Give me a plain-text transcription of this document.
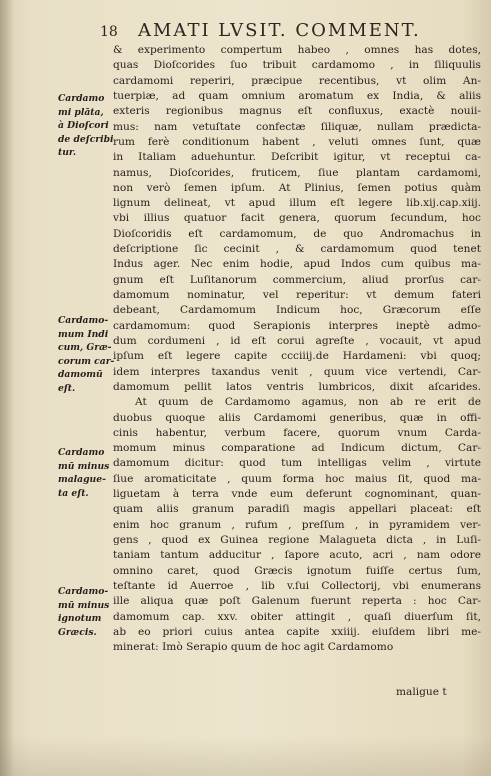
18 AMATI LVSIT. COMMENT.
& experimento compertum habeo , omnes has dotes,
quas Dioſcorides ſuo tribuit cardamomo , in ſiliquulis
cardamomi reperiri, præcipue recentibus, vt olim An-
tuerpiæ, ad quam omnium aromatum ex India, & aliis
exteris regionibus magnus eſt confluxus, exactè nouii-
mus: nam vetuſtate confectæ ſiliquæ, nullam prædicta-
rum ferè conditionum habent , veluti omnes ſunt, quæ
in Italiam aduehuntur. Deſcribit igitur, vt receptui ca-
namus, Dioſcorides, fruticem, ſiue plantam cardamomi,
non verò ſemen ipſum. At Plinius, ſemen potius quàm
lignum delineat, vt apud illum eſt legere lib.xij.cap.xiij.
vbi illius quatuor facit genera, quorum ſecundum, hoc
Dioſcoridis eſt cardamomum, de quo Andromachus in
deſcriptione ſic cecinit , & cardamomum quod tenet
Indus ager. Nec enim hodie, apud Indos cum quibus ma-
gnum eſt Luſitanorum commercium, aliud prorſus car-
damomum nominatur, vel reperitur: vt demum fateri
debeant, Cardamomum Indicum hoc, Græcorum eſſe
cardamomum: quod Serapionis interpres ineptè admo-
dum cordumeni , id eſt corui agreſte , vocauit, vt apud
ipſum eſt legere capite ccciiij.de Hardameni: vbi quoq;
idem interpres taxandus venit , quum vice vertendi, Car-
damomum pellit latos ventris lumbricos, dixit aſcarides.
At quum de Cardamomo agamus, non ab re erit de
duobus quoque aliis Cardamomi generibus, quæ in offi-
cinis habentur, verbum facere, quorum vnum Carda-
momum minus comparatione ad Indicum dictum, Car-
damomum dicitur: quod tum intelligas velim , virtute
ſiue aromaticitate , quum forma hoc maius ſit, quod ma-
liguetam à terra vnde eum deferunt cognominant, quan-
quam aliis granum paradiſi magis appellari placeat: eſt
enim hoc granum , rufum , preſſum , in pyramidem ver-
gens , quod ex Guinea regione Malagueta dicta , in Luſi-
taniam tantum adducitur , ſapore acuto, acri , nam odore
omnino caret, quod Græcis ignotum fuiſſe certus ſum,
teſtante id Auerroe , lib v.ſui Collectorij, vbi enumerans
ille aliqua quæ poſt Galenum fuerunt reperta : hoc Car-
damomum cap. xxv. obiter attingit , quaſi diuerſum ſit,
ab eo priori cuius antea capite xxiiij. eiuſdem libri me-
minerat: Imò Serapio quum de hoc agit Cardamomo
maligue t
Cardamo
mi plāta,
à Dioſcori
de deſcribi
tur.
Cardamo-
mum Indi
cum, Græ-
corum car-
damomū
eſt.
Cardamo
mū minus
malague-
ta eſt.
Cardamo-
mū minus
ignotum
Græcis.
